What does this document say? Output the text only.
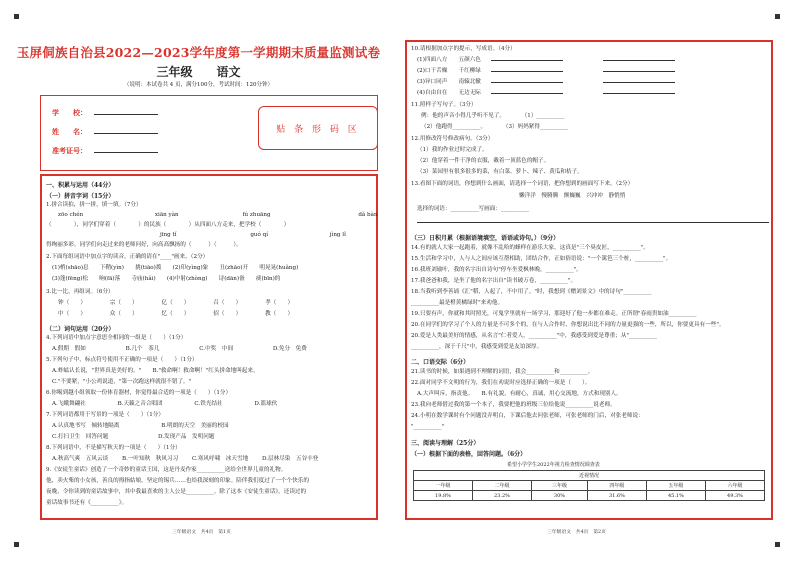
玉屏侗族自治县2022—2023学年度第一学期期末质量监测试卷
三年级　　 语文
（说明：本试卷共 4 页，满分100分，考试时间：120分钟）
学　　校：
姓　　名：
准考证号：
贴 条 形 码 区
一、积累与运用（44分）
（一）拼音字词（15分）
1.拼合读拍，拼一拼，填一填。（7分）
zōo chén	xiān yàn	fú zhuāng	dǎ bàn
（　　　　），同学们穿着（　　　　）的民族（　　　　）从四面八方走来，把学校（　　　　）
jīng tǐ	guó qí	jìng lǐ
得绚丽多彩。同学们向走过来的老师问好，向高高飘扬的（　　　）（　　　）。
2.下面每组词语中加点字的读音，正确的请在"____"画来。（2分）
(1)梢(shāo)息　　下鞘(yìn)　　挑(tiāo)拨　　(2)印(yìng)象　　丑(zhāo)开　　明晃晃(huǎng)
(3)蓬(fēng)松　　晌(fā)落　　寺庙(hǎi)　　(4)中射(zhòng)　　诗(dān)备　　痰(bīn)的
3.比一比，再组词。（6分）
钟（　　）	宗（　　）	亿（　　）	召（　　）	孝（　　）
中（　　）	众（　　）	忆（　　）	招（　　）	教（　　）
（二）词句运用（20分）
4.下列词语中加点字意思全相同的一组是（　　）（1分）
A.假期　假如	B.几个　茶几	C.中奖　中间	D.免分　免费
5.下列句子中，标点符号使用不正确的一项是（　　）（1分）
A.蚱蜢认长说，"世界真是美好的。"　　B."救命啊！救命啊！"红头拼命地叫起来。
C."不要紧，"小公鸡说道，"第一次跑这样就很不错了。"
6.你喝到越小组领取一份体育器材，你觉得最合适的一项是（　　）（1分）
A.飞蛾舞翩社	B.天籁之音合唱团	C.铁光结社	D.篮球伙
7.下列词语都用于写景的一项是（　　）（1分）
A.认真地书写　倾转地隔离	B.明朗的天空　美丽的校园
C.打扫卫生　回答问题	D.发现产品　发明问题
8.下列词语中，不是描写秋天的一项是（　　）（1分）
A.秋高气爽　五风云谈 B.一叶知秋　秋风习习 C.寒风呼啸　冰天雪地 D.层林尽染　五谷丰登
9.《安徒生童话》创造了一个奇妙的童话王国，这是丹麦作家__________送给全世界儿童的礼物。
他，卖火柴的小女孩，善良的拇指姑娘，坚定的锡兵……也给我深刻的印象。陪伴我们度过了一个个快乐的
夜晚，令你读到的童话故事中，其中我最喜欢的主人公是__________。除了这本《安徒生童话》，还读过的
童话故事书还有《__________》。
三年级语文　共4页　第1页
10.请根据加点字的提示，写成语。（4分）
(1)四面八方　　 五颜六色
(2)口干舌燥　　 千红柳绿
(3)异口同声　　 南辕北辙
(4)自由自在　　 无边无际
11.照样子写句子。（3分）
例：他的声音小得几乎听不见了。　　　　（1）__________
（2）他跑得__________。　　　　（3）妈妈紧得__________
12.用修改符号修改病句。（3分）
（1）我的作业过时完成了。
（2）他穿着一件干净的衣服，戴着一顶蓝色的帽子。
（3）菜园里有很多很多的菜，有白菜、萝卜、辣子、黄瓜和桔子。
13.看图下面的词语，你想到什么画面，请选择一个词语，把你想到的画面写下来。（2分）
懒洋洋　慢腾腾　颤巍巍　兴冲冲　静悄悄
选择的词语：__________写画面：__________
（三）日积月累（根据语境填空，语语或诗句。）（9分）
14.有的就人大家一起跑着，就像不乱哈的蜂样在游乐大家，这真是"三个臭皮匠，__________"。
15.生活和学习中，人与人之间应该互帮相助，团结合作，正如俗语说："一个篱笆三个桩，__________"。
16.我班刘瑜叶，我的名字出自诗句"停车坐爱枫林晚，__________"。
17.我爸爸和我，是坐了他的名字出自"读书破万卷，__________"。
18.当我听到李善诵《汇"稻，人起了，不中用了。"时，我想到《赠刘景文》中的诗句"__________
__________最是橙黄橘绿时"来劝他。
19.只要有声，你就和其时照光，可鬼学里就有一场学习，那迎好了他一步都在难走。正所谓"春雨贵如油__________
20.在同学们的学习了个人的力量是不可多个的，在与人合作时，你想说出比不同的力量更强的一些，所以，你要更具有一些"。
20.爱是人类最美好的情感，从名言"仁者爱人，__________"中，我感受到爱是尊重；从"__________
__________，深于千尺"中，我感受到爱是友谊深厚。
二、口语交际（6分）
21.读书的时候，如果遇到不理解的词语，我会__________和__________。
22.面对同学不文明的行为，我们在劝说时应选择正确的一项是（　　）。
A.大声叫斥，指责他。　　B.有礼貌，有耐心，真诚，用心交流地，方式和现别人。
23.我向老师借过我的第一个本子，我要把他的班级三位给他说__________说老师。
24.小明在数学课时有个问题没弄明白，下课后他去问张老师，可张老师的门后，对张老师说：
"__________"
三、阅读与理解（25分）
（一）根据下面的表格，回答问题。（6分）
希望小学学生2022年视力检查情况调查表
近视情况					
一年级	二年级	三年级	四年级	五年级	六年级
19.8%	23.2%	30%	31.6%	45.1%	49.3%
三年级语文　共4页　第2页
